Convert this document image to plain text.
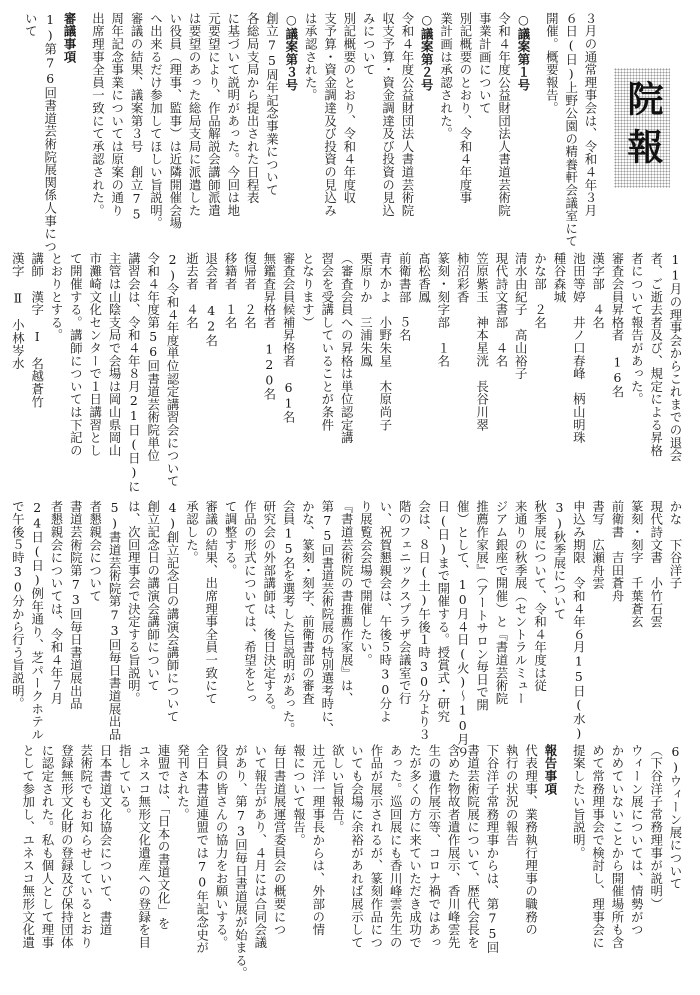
院報
３月の通常理事会は、令和４年３月
６日(日)上野公園の精養軒会議室にて
開催。概要報告。
○議案第１号
令和４年度公益財団法人書道芸術院
事業計画について
別記概要のとおり、令和４年度事
業計画は承認された。
○議案第２号
令和４年度公益財団法人書道芸術院
収支予算・資金調達及び投資の見込
みについて
別記概要のとおり、令和４年度収
支予算・資金調達及び投資の見込み
は承認された。
○議案第３号
創立75周年記念事業について
各総局支局から提出された日程表
に基づいて説明があった。今回は地
元要望により、作品解説会講師派遣
は要望のあった総局支局に派遣した
い役員（理事、監事）は近隣開催会場
へ出来るだけ参加してほしい旨説明。
審議の結果、議案第３号　創立75
周年記念事業については原案の通り
出席理事全員一致にて承認された。
審議事項
1)第76回書道芸術院展関係人事につ
いて
11月の理事会からこれまでの退会
者、ご逝去者及び、規定による昇格
者について報告があった。
審査会員昇格者　16名
漢字部　４名
池田等婷　井ノ口春峰　柄山明珠
種谷森城
かな部　２名
清水由紀子　高山裕子
現代詩文書部　４名
笠原紫玉　神本星洸　長谷川翠
柿沼彩香
篆刻・刻字部　１名
髙松香鳳
前衛書部　５名
青木かよ　小野朱星　木原尚子
栗原りか　三浦朱鳳
（審査会員への昇格は単位認定講
習会を受講していることが条件
となります）
審査会員候補昇格者　61名
無鑑査昇格者　120名
復帰者　２名
移籍者　１名
退会者　42名
逝去者　４名
2)令和４年度単位認定講習会について
令和４年度第56回書道芸術院単位
講習会は、令和４年８月21日(日)に
主管は山陰支局で会場は岡山県岡山
市灘崎文化センターで１日講習とし
て開催する。講師については下記の
とおりとする。
講師　漢字　Ⅰ　名越蒼竹
漢字　Ⅱ　小林岑水
かな　下谷洋子
現代詩文書　小竹石雲
篆刻・刻字　千葉蒼玄
前衛書　吉田蒼舟
書写　広瀬舟雲
申込み期限　令和４年６月15日(水)
3)秋季展について
秋季展について、令和４年度は従
来通りの秋季展（セントラルミュー
ジアム銀座で開催）と『書道芸術院
推薦作家展』（アートサロン毎日で開
催）として、10月４日(火)～10月９
日(日)まで開催する。授賞式・研究
会は、８日(土)午後１時30分より３
階のフェニックスプラザ会議室で行
い、祝賀懇親会は、午後５時30分よ
り展覧会会場で開催したい。
『書道芸術院の書推薦作家展』は、
第75回書道芸術院展の特別選考時に、
かな、篆刻・刻字、前衛書部の審査
会員15名を選考した旨説明があった。
研究会の外部講師は、後日決定する。
作品の形式については、希望をとっ
て調整する。
審議の結果、出席理事全員一致にて
承認した。
4)創立記念日の講演会講師について
創立記念日の講演会講師について
は、次回理事会で決定する旨説明。
5)書道芸術院第73回毎日書道展出品
者懇親会について
書道芸術院第73回毎日書道展出品
者懇親会については、令和４年７月
24日(日)例年通り、芝パークホテル
で午後５時30分から行う旨説明。
6)ウィーン展について
（下谷洋子常務理事が説明）
ウィーン展については、情勢がつ
かめていないことから開催場所も含
めて常務理事会で検討し、理事会に
提案したい旨説明。
報告事項
代表理事、業務執行理事の職務の
執行の状況の報告
下谷洋子常務理事からは、第75回
書道芸術院展について、歴代会長を
含めた物故者遺作展示、香川峰雲先
生の遺作展示等、コロナ禍ではあっ
たが多くの方に来ていただき成功で
あった。巡回展にも香川峰雲先生の
作品が展示されるが、篆刻作品につ
いても会場に余裕があれば展示して
欲しい旨報告。
辻元洋一理事長からは、外部の情
報について報告。
毎日書道展運営委員会の概要につ
いて報告があり、４月には合同会議
があり、第73回毎日書道展が始まる。
役員の皆さんの協力をお願いする。
全日本書道連盟では70年記念史が
発刊された。
連盟では、「日本の書道文化」を
ユネスコ無形文化遺産への登録を目
指している。
日本書道文化協会について、書道
芸術院でもお知らせしているとおり
登録無形文化財の登録及び保持団体
に認定された。私も個人として理事
として参加し、ユネスコ無形文化遺
